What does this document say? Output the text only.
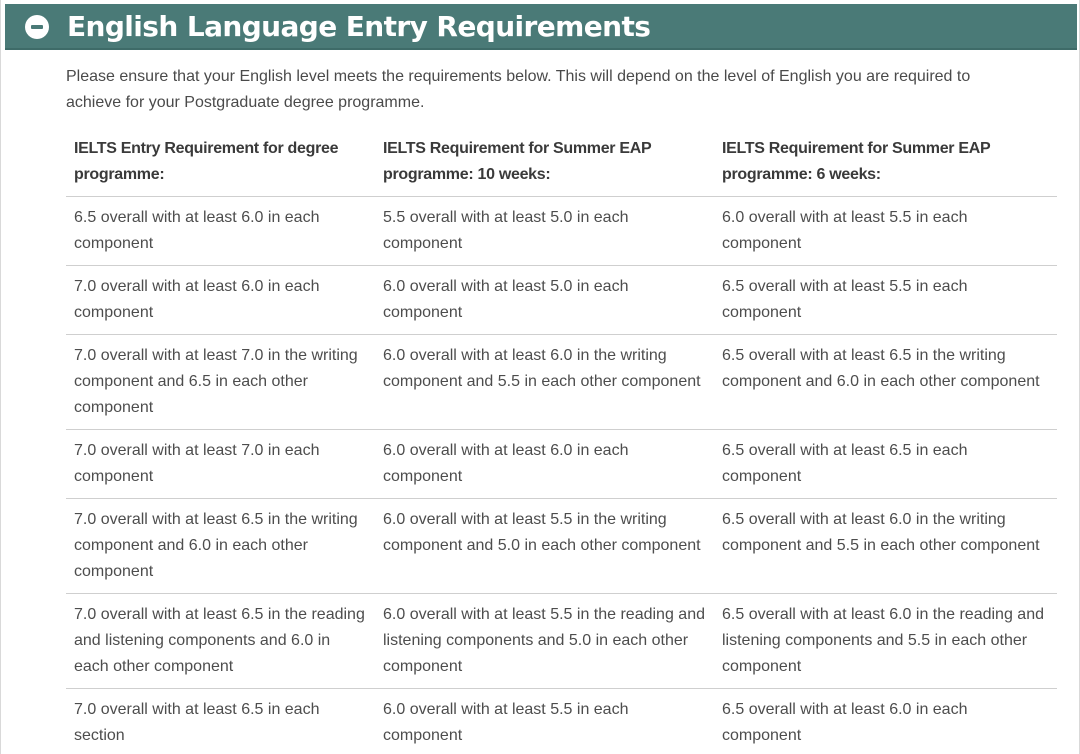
English Language Entry Requirements

Please ensure that your English level meets the requirements below. This will depend on the level of English you are required to achieve for your Postgraduate degree programme.

IELTS Entry Requirement for degree programme:	IELTS Requirement for Summer EAP programme: 10 weeks:	IELTS Requirement for Summer EAP programme: 6 weeks:
6.5 overall with at least 6.0 in each component	5.5 overall with at least 5.0 in each component	6.0 overall with at least 5.5 in each component
7.0 overall with at least 6.0 in each component	6.0 overall with at least 5.0 in each component	6.5 overall with at least 5.5 in each component
7.0 overall with at least 7.0 in the writing component and 6.5 in each other component	6.0 overall with at least 6.0 in the writing component and 5.5 in each other component	6.5 overall with at least 6.5 in the writing component and 6.0 in each other component
7.0 overall with at least 7.0 in each component	6.0 overall with at least 6.0 in each component	6.5 overall with at least 6.5 in each component
7.0 overall with at least 6.5 in the writing component and 6.0 in each other component	6.0 overall with at least 5.5 in the writing component and 5.0 in each other component	6.5 overall with at least 6.0 in the writing component and 5.5 in each other component
7.0 overall with at least 6.5 in the reading and listening components and 6.0 in each other component	6.0 overall with at least 5.5 in the reading and listening components and 5.0 in each other component	6.5 overall with at least 6.0 in the reading and listening components and 5.5 in each other component
7.0 overall with at least 6.5 in each section	6.0 overall with at least 5.5 in each component	6.5 overall with at least 6.0 in each component
